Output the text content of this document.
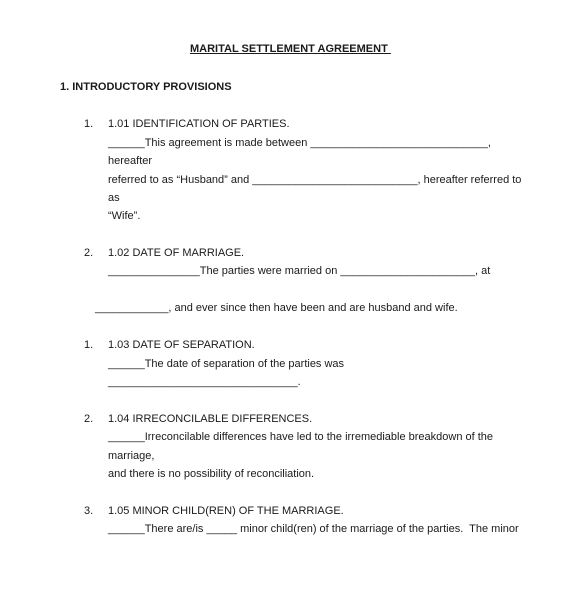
MARITAL SETTLEMENT AGREEMENT
1. INTRODUCTORY PROVISIONS
1. 1.01 IDENTIFICATION OF PARTIES.
______This agreement is made between _____________________________,
hereafter
referred to as “Husband” and ___________________________, hereafter referred to
as
“Wife”.
2. 1.02 DATE OF MARRIAGE.
_______________The parties were married on ______________________, at
____________, and ever since then have been and are husband and wife.
1. 1.03 DATE OF SEPARATION.
______The date of separation of the parties was
_______________________________.
2. 1.04 IRRECONCILABLE DIFFERENCES.
______Irreconcilable differences have led to the irremediable breakdown of the
marriage,
and there is no possibility of reconciliation.
3. 1.05 MINOR CHILD(REN) OF THE MARRIAGE.
______There are/is _____ minor child(ren) of the marriage of the parties.  The minor
